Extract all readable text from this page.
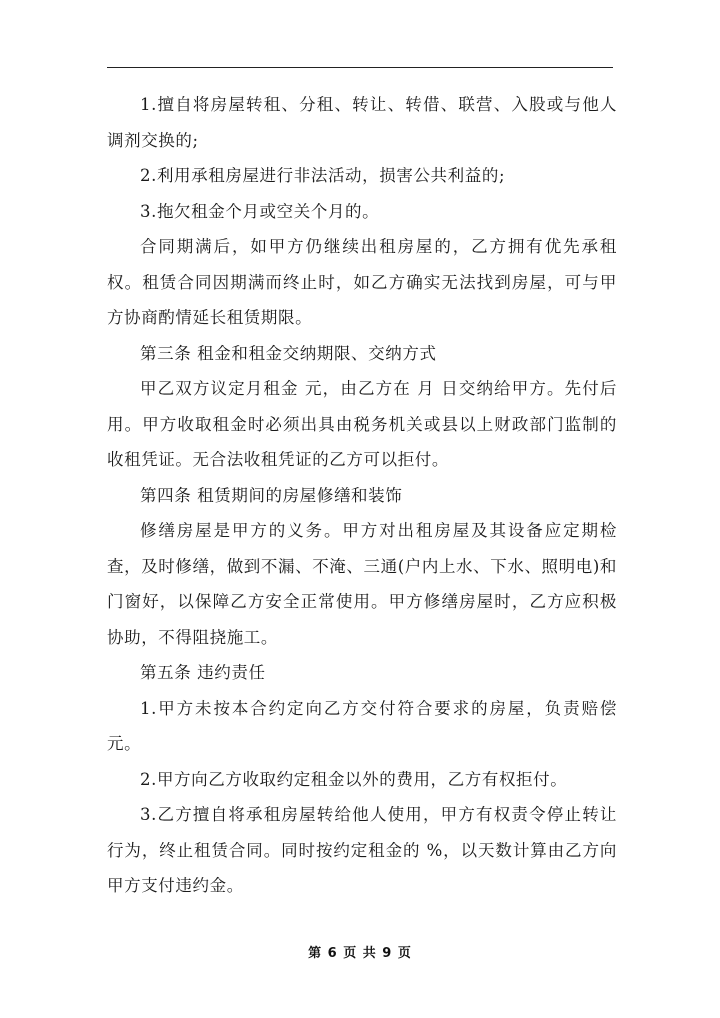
1.擅自将房屋转租、分租、转让、转借、联营、入股或与他人调剂交换的;

2.利用承租房屋进行非法活动，损害公共利益的;

3.拖欠租金个月或空关个月的。

合同期满后，如甲方仍继续出租房屋的，乙方拥有优先承租权。租赁合同因期满而终止时，如乙方确实无法找到房屋，可与甲方协商酌情延长租赁期限。

第三条 租金和租金交纳期限、交纳方式

甲乙双方议定月租金 元，由乙方在 月 日交纳给甲方。先付后用。甲方收取租金时必须出具由税务机关或县以上财政部门监制的收租凭证。无合法收租凭证的乙方可以拒付。

第四条 租赁期间的房屋修缮和装饰

修缮房屋是甲方的义务。甲方对出租房屋及其设备应定期检查，及时修缮，做到不漏、不淹、三通(户内上水、下水、照明电)和门窗好，以保障乙方安全正常使用。甲方修缮房屋时，乙方应积极协助，不得阻挠施工。

第五条 违约责任

1.甲方未按本合约定向乙方交付符合要求的房屋，负责赔偿 元。

2.甲方向乙方收取约定租金以外的费用，乙方有权拒付。

3.乙方擅自将承租房屋转给他人使用，甲方有权责令停止转让行为，终止租赁合同。同时按约定租金的 %，以天数计算由乙方向甲方支付违约金。

第 6 页 共 9 页
